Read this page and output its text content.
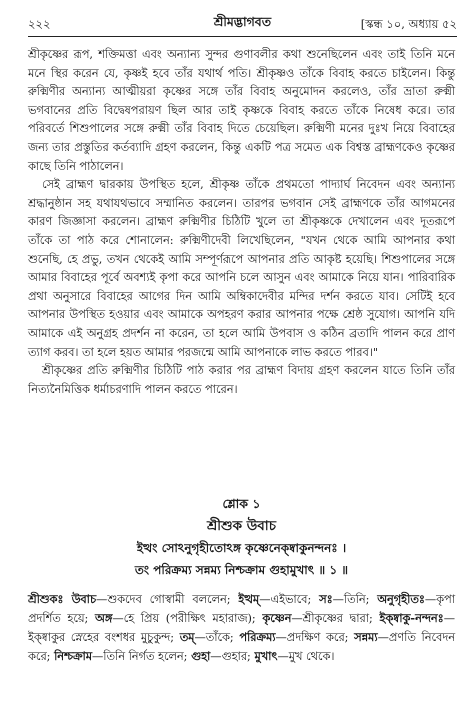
২২২	শ্রীমদ্ভাগবত	[স্কন্ধ ১০, অধ্যায় ৫২

শ্রীকৃষ্ণের রূপ, শক্তিমত্তা এবং অন্যান্য সুন্দর গুণাবলীর কথা শুনেছিলেন এবং তাই তিনি মনে মনে স্থির করেন যে, কৃষ্ণই হবে তাঁর যথার্থ পতি। শ্রীকৃষ্ণও তাঁকে বিবাহ করতে চাইলেন। কিন্তু রুক্মিণীর অন্যান্য আত্মীয়রা কৃষ্ণের সঙ্গে তাঁর বিবাহ অনুমোদন করলেও, তাঁর ভ্রাতা রুক্মী ভগবানের প্রতি বিদ্বেষপরায়ণ ছিল আর তাই কৃষ্ণকে বিবাহ করতে তাঁকে নিষেধ করে। তার পরিবর্তে শিশুপালের সঙ্গে রুক্মী তাঁর বিবাহ দিতে চেয়েছিল। রুক্মিণী মনের দুঃখ নিয়ে বিবাহের জন্য তার প্রস্তুতির কর্তব্যাদি গ্রহণ করলেন, কিন্তু একটি পত্র সমেত এক বিশ্বস্ত ব্রাহ্মণকেও কৃষ্ণের কাছে তিনি পাঠালেন।

সেই ব্রাহ্মণ দ্বারকায় উপস্থিত হলে, শ্রীকৃষ্ণ তাঁকে প্রথমতো পাদ্যার্ঘ নিবেদন এবং অন্যান্য শ্রদ্ধানুষ্ঠান সহ যথাযথভাবে সম্মানিত করলেন। তারপর ভগবান সেই ব্রাহ্মণকে তাঁর আগমনের কারণ জিজ্ঞাসা করলেন। ব্রাহ্মণ রুক্মিণীর চিঠিটি খুলে তা শ্রীকৃষ্ণকে দেখালেন এবং দূতরূপে তাঁকে তা পাঠ করে শোনালেন: রুক্মিণীদেবী লিখেছিলেন, "যখন থেকে আমি আপনার কথা শুনেছি, হে প্রভু, তখন থেকেই আমি সম্পূর্ণরূপে আপনার প্রতি আকৃষ্ট হয়েছি। শিশুপালের সঙ্গে আমার বিবাহের পূর্বে অবশ্যই কৃপা করে আপনি চলে আসুন এবং আমাকে নিয়ে যান। পারিবারিক প্রথা অনুসারে বিবাহের আগের দিন আমি অম্বিকাদেবীর মন্দির দর্শন করতে যাব। সেটিই হবে আপনার উপস্থিত হওয়ার এবং আমাকে অপহরণ করার আপনার পক্ষে শ্রেষ্ঠ সুযোগ। আপনি যদি আমাকে এই অনুগ্রহ প্রদর্শন না করেন, তা হলে আমি উপবাস ও কঠিন ব্রতাদি পালন করে প্রাণ ত্যাগ করব। তা হলে হয়ত আমার পরজন্মে আমি আপনাকে লাভ করতে পারব।"

শ্রীকৃষ্ণের প্রতি রুক্মিণীর চিঠিটি পাঠ করার পর ব্রাহ্মণ বিদায় গ্রহণ করলেন যাতে তিনি তাঁর নিত্যনৈমিত্তিক ধর্মাচরণাদি পালন করতে পারেন।

শ্লোক ১
শ্রীশুক উবাচ
ইত্থং সোঽনুগৃহীতোঽঙ্গ কৃষ্ণেনেক্ষ্বাকুনন্দনঃ ।
তং পরিক্রম্য সন্নম্য নিশ্চক্রাম গুহামুখাৎ ॥ ১ ॥
শ্রীশুকঃ উবাচ—শুকদেব গোস্বামী বললেন; ইত্থম্—এইভাবে; সঃ—তিনি; অনুগৃহীতঃ—কৃপা প্রদর্শিত হয়ে; অঙ্গ—হে প্রিয় (পরীক্ষিৎ মহারাজ); কৃষ্ণেন—শ্রীকৃষ্ণের দ্বারা; ইক্ষ্বাকু-নন্দনঃ—ইক্ষ্বাকুর স্নেহের বংশধর মুচুকুন্দ; তম্—তাঁকে; পরিক্রম্য—প্রদক্ষিণ করে; সন্নম্য—প্রণতি নিবেদন করে; নিশ্চক্রাম—তিনি নির্গত হলেন; গুহা—গুহার; মুখাৎ—মুখ থেকে।
